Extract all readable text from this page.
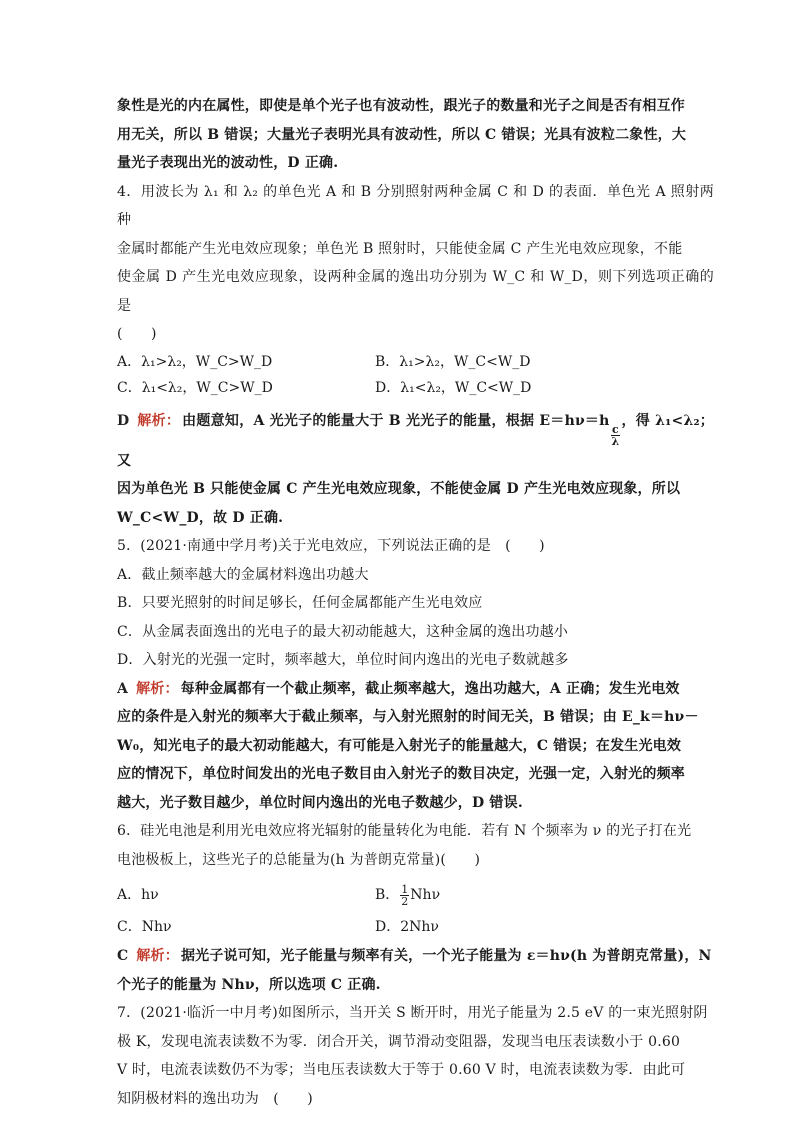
象性是光的内在属性，即使是单个光子也有波动性，跟光子的数量和光子之间是否有相互作

用无关，所以 B 错误；大量光子表明光具有波动性，所以 C 错误；光具有波粒二象性，大

量光子表现出光的波动性，D 正确.

4．用波长为 λ₁ 和 λ₂ 的单色光 A 和 B 分别照射两种金属 C 和 D 的表面．单色光 A 照射两种

金属时都能产生光电效应现象；单色光 B 照射时，只能使金属 C 产生光电效应现象，不能

使金属 D 产生光电效应现象，设两种金属的逸出功分别为 W_C 和 W_D，则下列选项正确的是

(　　)

A．λ₁>λ₂，W_C>W_D	B．λ₁>λ₂，W_C<W_D
C．λ₁<λ₂，W_C>W_D	D．λ₁<λ₂，W_C<W_D

D 解析： 由题意知，A 光光子的能量大于 B 光光子的能量，根据 E＝hν＝h
$\frac{c}{\lambda}$
，得 λ₁<λ₂；又

因为单色光 B 只能使金属 C 产生光电效应现象，不能使金属 D 产生光电效应现象，所以

W_C<W_D，故 D 正确.

5．(2021·南通中学月考)关于光电效应，下列说法正确的是　(　　)

A．截止频率越大的金属材料逸出功越大

B．只要光照射的时间足够长，任何金属都能产生光电效应

C．从金属表面逸出的光电子的最大初动能越大，这种金属的逸出功越小

D．入射光的光强一定时，频率越大，单位时间内逸出的光电子数就越多

A 解析： 每种金属都有一个截止频率，截止频率越大，逸出功越大，A 正确；发生光电效

应的条件是入射光的频率大于截止频率，与入射光照射的时间无关，B 错误；由 E_k＝hν－

W₀，知光电子的最大初动能越大，有可能是入射光子的能量越大，C 错误；在发生光电效

应的情况下，单位时间发出的光电子数目由入射光子的数目决定，光强一定，入射光的频率

越大，光子数目越少，单位时间内逸出的光电子数越少，D 错误.

6．硅光电池是利用光电效应将光辐射的能量转化为电能．若有 N 个频率为 ν 的光子打在光

电池极板上，这些光子的总能量为(h 为普朗克常量)(　　)

A．hν	B． $\frac{1}{2}$ Nhν
C．Nhν	D．2Nhν

C 解析： 据光子说可知，光子能量与频率有关，一个光子能量为 ε＝hν(h 为普朗克常量)，N

个光子的能量为 Nhν，所以选项 C 正确.

7．(2021·临沂一中月考)如图所示，当开关 S 断开时，用光子能量为 2.5 eV 的一束光照射阴

极 K，发现电流表读数不为零．闭合开关，调节滑动变阻器，发现当电压表读数小于 0.60

V 时，电流表读数仍不为零；当电压表读数大于等于 0.60 V 时，电流表读数为零．由此可

知阴极材料的逸出功为　(　　)
